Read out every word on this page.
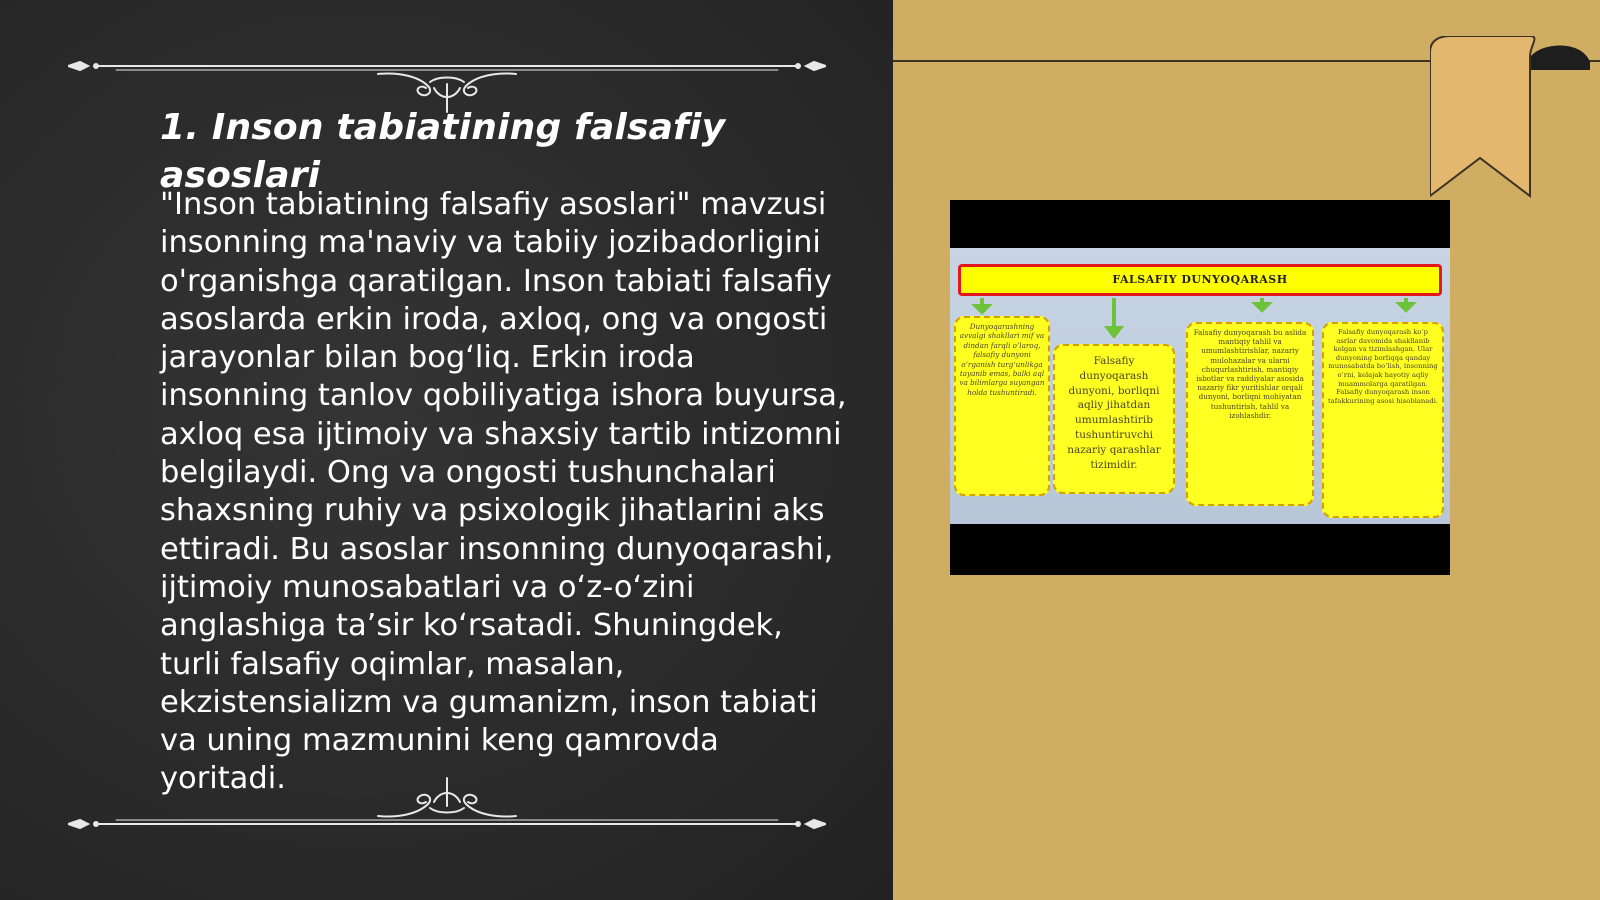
1. Inson tabiatining falsafiy asoslari
"Inson tabiatining falsafiy asoslari" mavzusi insonning ma'naviy va tabiiy jozibadorligini o'rganishga qaratilgan. Inson tabiati falsafiy asoslarda erkin iroda, axloq, ong va ongosti jarayonlar bilan bog‘liq. Erkin iroda insonning tanlov qobiliyatiga ishora buyursa, axloq esa ijtimoiy va shaxsiy tartib intizomni belgilaydi. Ong va ongosti tushunchalari shaxsning ruhiy va psixologik jihatlarini aks ettiradi. Bu asoslar insonning dunyoqarashi, ijtimoiy munosabatlari va o‘z-o‘zini anglashiga ta’sir ko‘rsatadi. Shuningdek, turli falsafiy oqimlar, masalan, ekzistensializm va gumanizm, inson tabiati va uning mazmunini keng qamrovda yoritadi.
FALSAFIY DUNYOQARASH
Dunyoqarashning avvalgi shakllari mif va dindan farqli o‘laroq, falsafiy dunyoni o‘rganish turg‘unlikga tayanib emas, balki aql va bilimlarga suyangan holda tushuntiradi.
Falsafiy dunyoqarash dunyoni, borliqni aqliy jihatdan umumlashtirib tushuntiruvchi nazariy qarashlar tizimidir.
Falsafiy dunyoqarash bu aslida mantiqiy tahlil va umumlashtirishlar, nazariy mulohazalar va ularni chuqurlashtirish, mantiqiy isbotlar va raddiyalar asosida nazariy fikr yuritishlar orqali dunyoni, borliqni mohiyatan tushuntirish, tahlil va izohlashdir.
Falsafiy dunyoqarash ko‘p asrlar davomida shakllanib kelgan va tizimlashgan. Ular dunyoning borliqqa qanday munosabatda bo‘lish, insonning o‘rni, kelajak hayotiy aqliy muammolarga qaratilgan. Falsafiy dunyoqarash inson tafakkurining asosi hisoblanadi.
